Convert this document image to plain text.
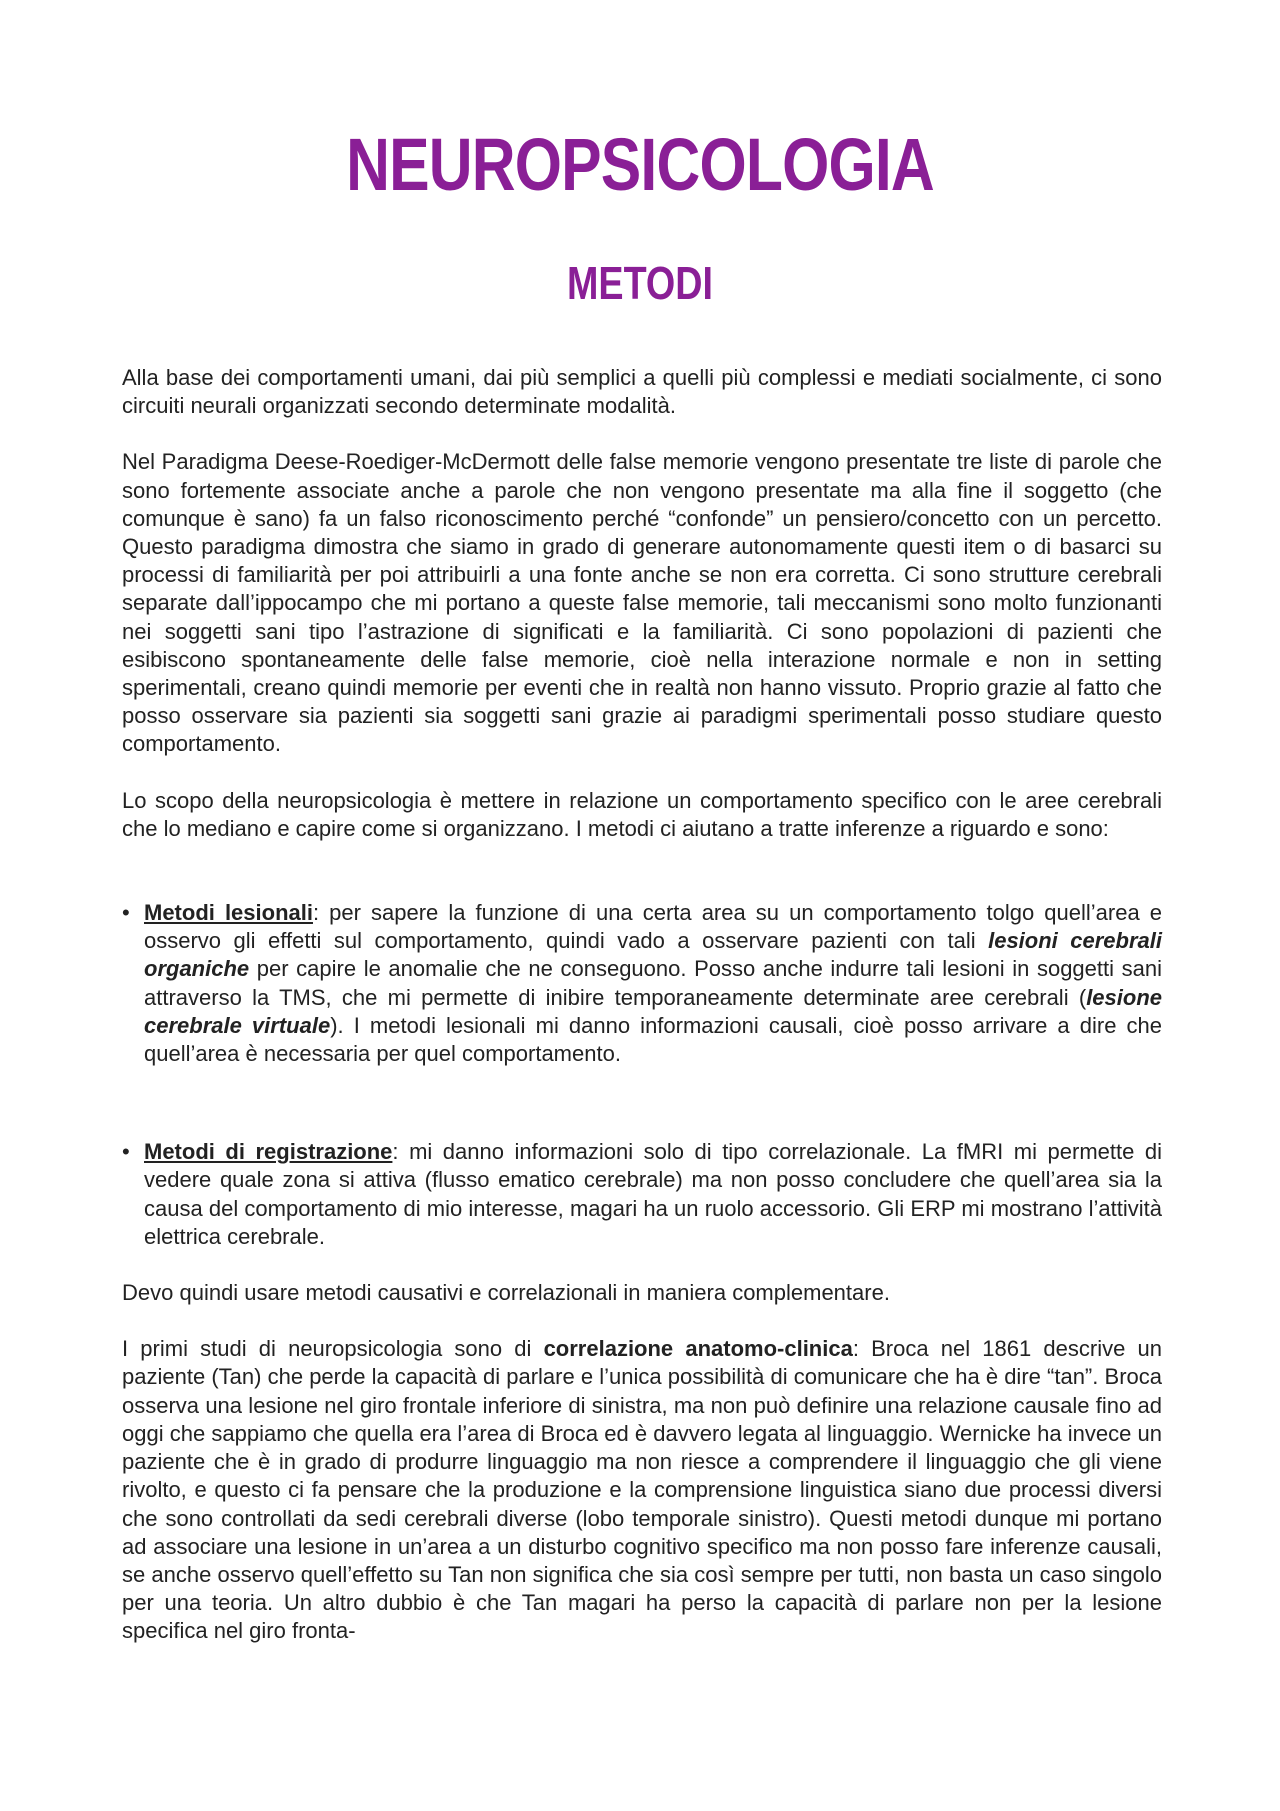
NEUROPSICOLOGIA
METODI

Alla base dei comportamenti umani, dai più semplici a quelli più complessi e mediati socialmente, ci sono circuiti neurali organizzati secondo determinate modalità.

Nel Paradigma Deese-Roediger-McDermott delle false memorie vengono presentate tre liste di parole che sono fortemente associate anche a parole che non vengono presentate ma alla fine il soggetto (che comunque è sano) fa un falso riconoscimento perché “confonde” un pensiero/concetto con un percetto. Questo paradigma dimostra che siamo in grado di generare autonomamente questi item o di basarci su processi di familiarità per poi attribuirli a una fonte anche se non era corretta. Ci sono strutture cerebrali separate dall’ippocampo che mi portano a queste false memorie, tali meccanismi sono molto funzionanti nei soggetti sani tipo l’astrazione di significati e la familiarità. Ci sono popolazioni di pazienti che esibiscono spontaneamente delle false memorie, cioè nella interazione normale e non in setting sperimentali, creano quindi memorie per eventi che in realtà non hanno vissuto. Proprio grazie al fatto che posso osservare sia pazienti sia soggetti sani grazie ai paradigmi sperimentali posso studiare questo comportamento.

Lo scopo della neuropsicologia è mettere in relazione un comportamento specifico con le aree cerebrali che lo mediano e capire come si organizzano. I metodi ci aiutano a tratte inferenze a riguardo e sono:

• Metodi lesionali: per sapere la funzione di una certa area su un comportamento tolgo quell’area e osservo gli effetti sul comportamento, quindi vado a osservare pazienti con tali lesioni cerebrali organiche per capire le anomalie che ne conseguono. Posso anche indurre tali lesioni in soggetti sani attraverso la TMS, che mi permette di inibire temporaneamente determinate aree cerebrali (lesione cerebrale virtuale). I metodi lesionali mi danno informazioni causali, cioè posso arrivare a dire che quell’area è necessaria per quel comportamento.
• Metodi di registrazione: mi danno informazioni solo di tipo correlazionale. La fMRI mi permette di vedere quale zona si attiva (flusso ematico cerebrale) ma non posso concludere che quell’area sia la causa del comportamento di mio interesse, magari ha un ruolo accessorio. Gli ERP mi mostrano l’attività elettrica cerebrale.

Devo quindi usare metodi causativi e correlazionali in maniera complementare.

I primi studi di neuropsicologia sono di correlazione anatomo-clinica: Broca nel 1861 descrive un paziente (Tan) che perde la capacità di parlare e l’unica possibilità di comunicare che ha è dire “tan”. Broca osserva una lesione nel giro frontale inferiore di sinistra, ma non può definire una relazione causale fino ad oggi che sappiamo che quella era l’area di Broca ed è davvero legata al linguaggio. Wernicke ha invece un paziente che è in grado di produrre linguaggio ma non riesce a comprendere il linguaggio che gli viene rivolto, e questo ci fa pensare che la produzione e la comprensione linguistica siano due processi diversi che sono controllati da sedi cerebrali diverse (lobo temporale sinistro). Questi metodi dunque mi portano ad associare una lesione in un’area a un disturbo cognitivo specifico ma non posso fare inferenze causali, se anche osservo quell’effetto su Tan non significa che sia così sempre per tutti, non basta un caso singolo per una teoria. Un altro dubbio è che Tan magari ha perso la capacità di parlare non per la lesione specifica nel giro fronta-
